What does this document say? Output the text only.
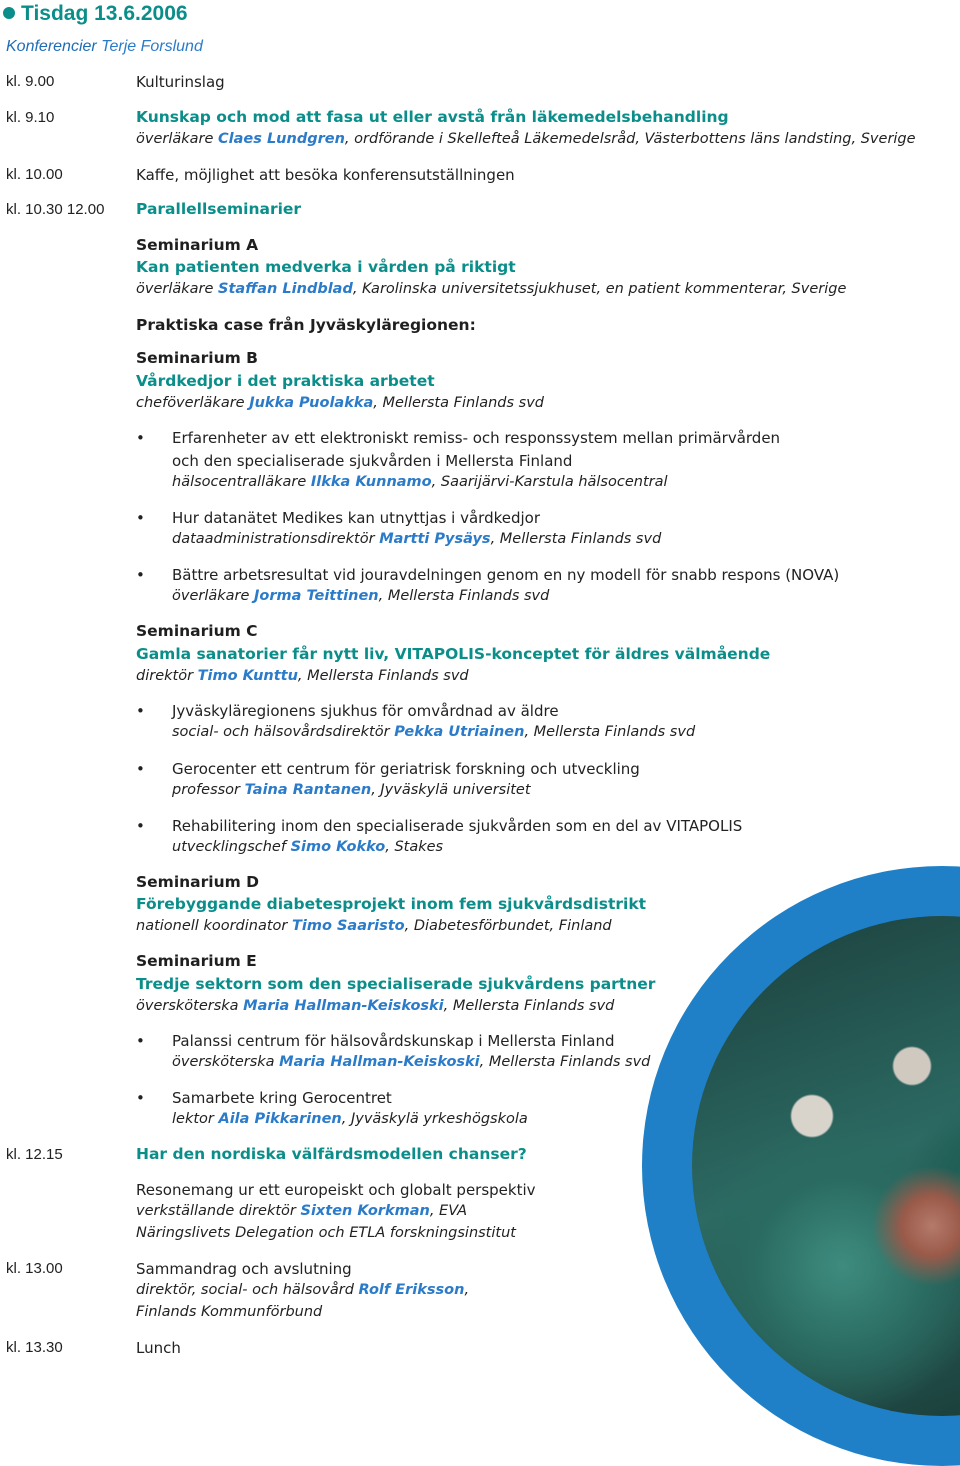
Tisdag 13.6.2006
Konferencier Terje Forslund
kl. 9.00	Kulturinslag
kl. 9.10	Kunskap och mod att fasa ut eller avstå från läkemedelsbehandling
överläkare Claes Lundgren, ordförande i Skellefteå Läkemedelsråd, Västerbottens läns landsting, Sverige
kl. 10.00	Kaffe, möjlighet att besöka konferensutställningen
kl. 10.30 12.00 Parallellseminarier
Seminarium A
Kan patienten medverka i vården på riktigt
överläkare Staffan Lindblad, Karolinska universitetssjukhuset, en patient kommenterar, Sverige
Praktiska case från Jyväskyläregionen:
Seminarium B
Vårdkedjor i det praktiska arbetet
cheföverläkare Jukka Puolakka, Mellersta Finlands svd
• Erfarenheter av ett elektroniskt remiss- och responssystem mellan primärvården
och den specialiserade sjukvården i Mellersta Finland
hälsocentralläkare Ilkka Kunnamo, Saarijärvi-Karstula hälsocentral
• Hur datanätet Medikes kan utnyttjas i vårdkedjor
dataadministrationsdirektör Martti Pysäys, Mellersta Finlands svd
• Bättre arbetsresultat vid jouravdelningen genom en ny modell för snabb respons (NOVA)
överläkare Jorma Teittinen, Mellersta Finlands svd
Seminarium C
Gamla sanatorier får nytt liv, VITAPOLIS-konceptet för äldres välmående
direktör Timo Kunttu, Mellersta Finlands svd
• Jyväskyläregionens sjukhus för omvårdnad av äldre
social- och hälsovårdsdirektör Pekka Utriainen, Mellersta Finlands svd
• Gerocenter ett centrum för geriatrisk forskning och utveckling
professor Taina Rantanen, Jyväskylä universitet
• Rehabilitering inom den specialiserade sjukvården som en del av VITAPOLIS
utvecklingschef Simo Kokko, Stakes
Seminarium D
Förebyggande diabetesprojekt inom fem sjukvårdsdistrikt
nationell koordinator Timo Saaristo, Diabetesförbundet, Finland
Seminarium E
Tredje sektorn som den specialiserade sjukvårdens partner
översköterska Maria Hallman-Keiskoski, Mellersta Finlands svd
• Palanssi centrum för hälsovårdskunskap i Mellersta Finland
översköterska Maria Hallman-Keiskoski, Mellersta Finlands svd
• Samarbete kring Gerocentret
lektor Aila Pikkarinen, Jyväskylä yrkeshögskola
kl. 12.15	Har den nordiska välfärdsmodellen chanser?
Resonemang ur ett europeiskt och globalt perspektiv
verkställande direktör Sixten Korkman, EVA
Näringslivets Delegation och ETLA forskningsinstitut
kl. 13.00	Sammandrag och avslutning
direktör, social- och hälsovård Rolf Eriksson,
Finlands Kommunförbund
kl. 13.30	Lunch
